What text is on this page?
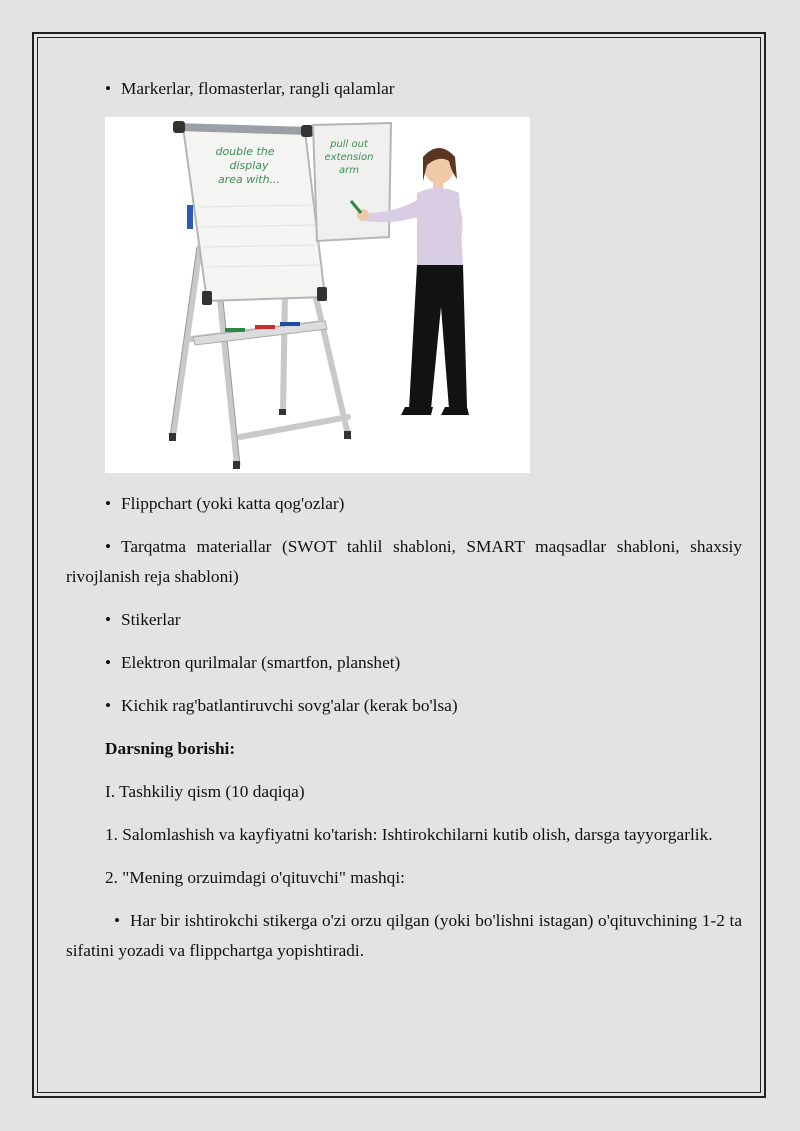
• Markerlar, flomasterlar, rangli qalamlar

double the
display
area with...
pull out
extension
arm

• Flippchart (yoki katta qog'ozlar)

• Tarqatma materiallar (SWOT tahlil shabloni, SMART maqsadlar shabloni, shaxsiy rivojlanish reja shabloni)

• Stikerlar

• Elektron qurilmalar (smartfon, planshet)

• Kichik rag'batlantiruvchi sovg'alar (kerak bo'lsa)

Darsning borishi:

I. Tashkiliy qism (10 daqiqa)

1. Salomlashish va kayfiyatni ko'tarish: Ishtirokchilarni kutib olish, darsga tayyorgarlik.

2. "Mening orzuimdagi o'qituvchi" mashqi:

• Har bir ishtirokchi stikerga o'zi orzu qilgan (yoki bo'lishni istagan) o'qituvchining 1-2 ta sifatini yozadi va flippchartga yopishtiradi.
